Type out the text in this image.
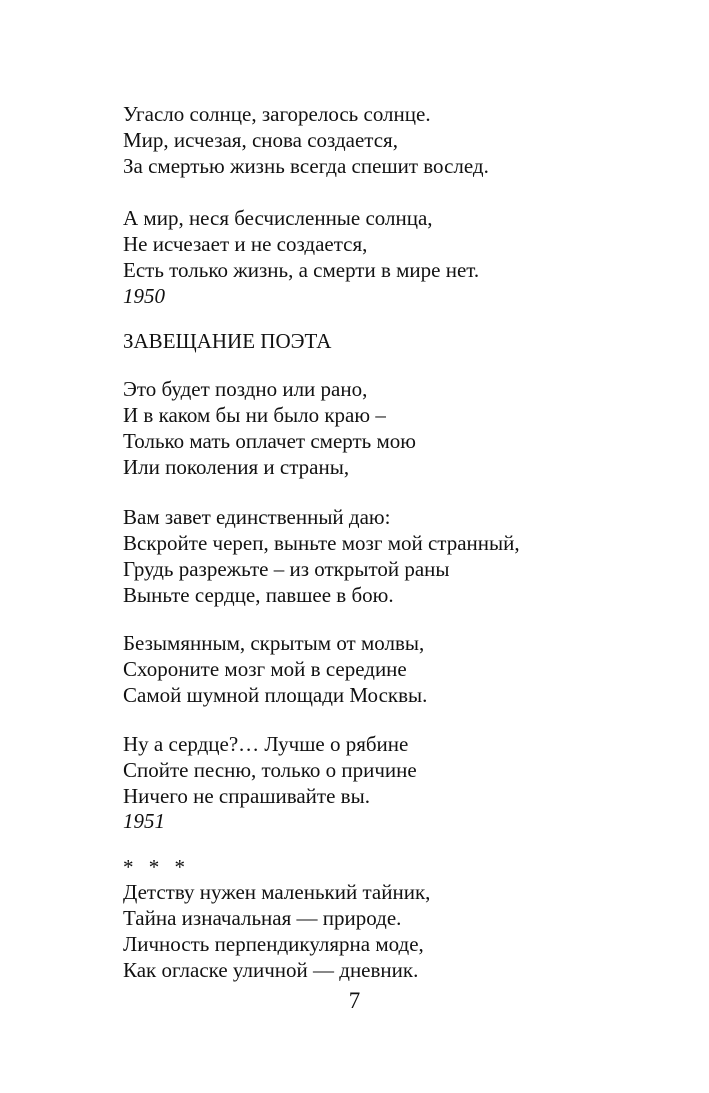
Угасло солнце, загорелось солнце.
Мир, исчезая, снова создается,
За смертью жизнь всегда спешит вослед.
А мир, неся бесчисленные солнца,
Не исчезает и не создается,
Есть только жизнь, а смерти в мире нет.
1950
ЗАВЕЩАНИЕ ПОЭТА
Это будет поздно или рано,
И в каком бы ни было краю –
Только мать оплачет смерть мою
Или поколения и страны,
Вам завет единственный даю:
Вскройте череп, выньте мозг мой странный,
Грудь разрежьте – из открытой раны
Выньте сердце, павшее в бою.
Безымянным, скрытым от молвы,
Схороните мозг мой в середине
Самой шумной площади Москвы.
Ну а сердце?… Лучше о рябине
Спойте песню, только о причине
Ничего не спрашивайте вы.
1951
* * *
Детству нужен маленький тайник,
Тайна изначальная — природе.
Личность перпендикулярна моде,
Как огласке уличной — дневник.
7
